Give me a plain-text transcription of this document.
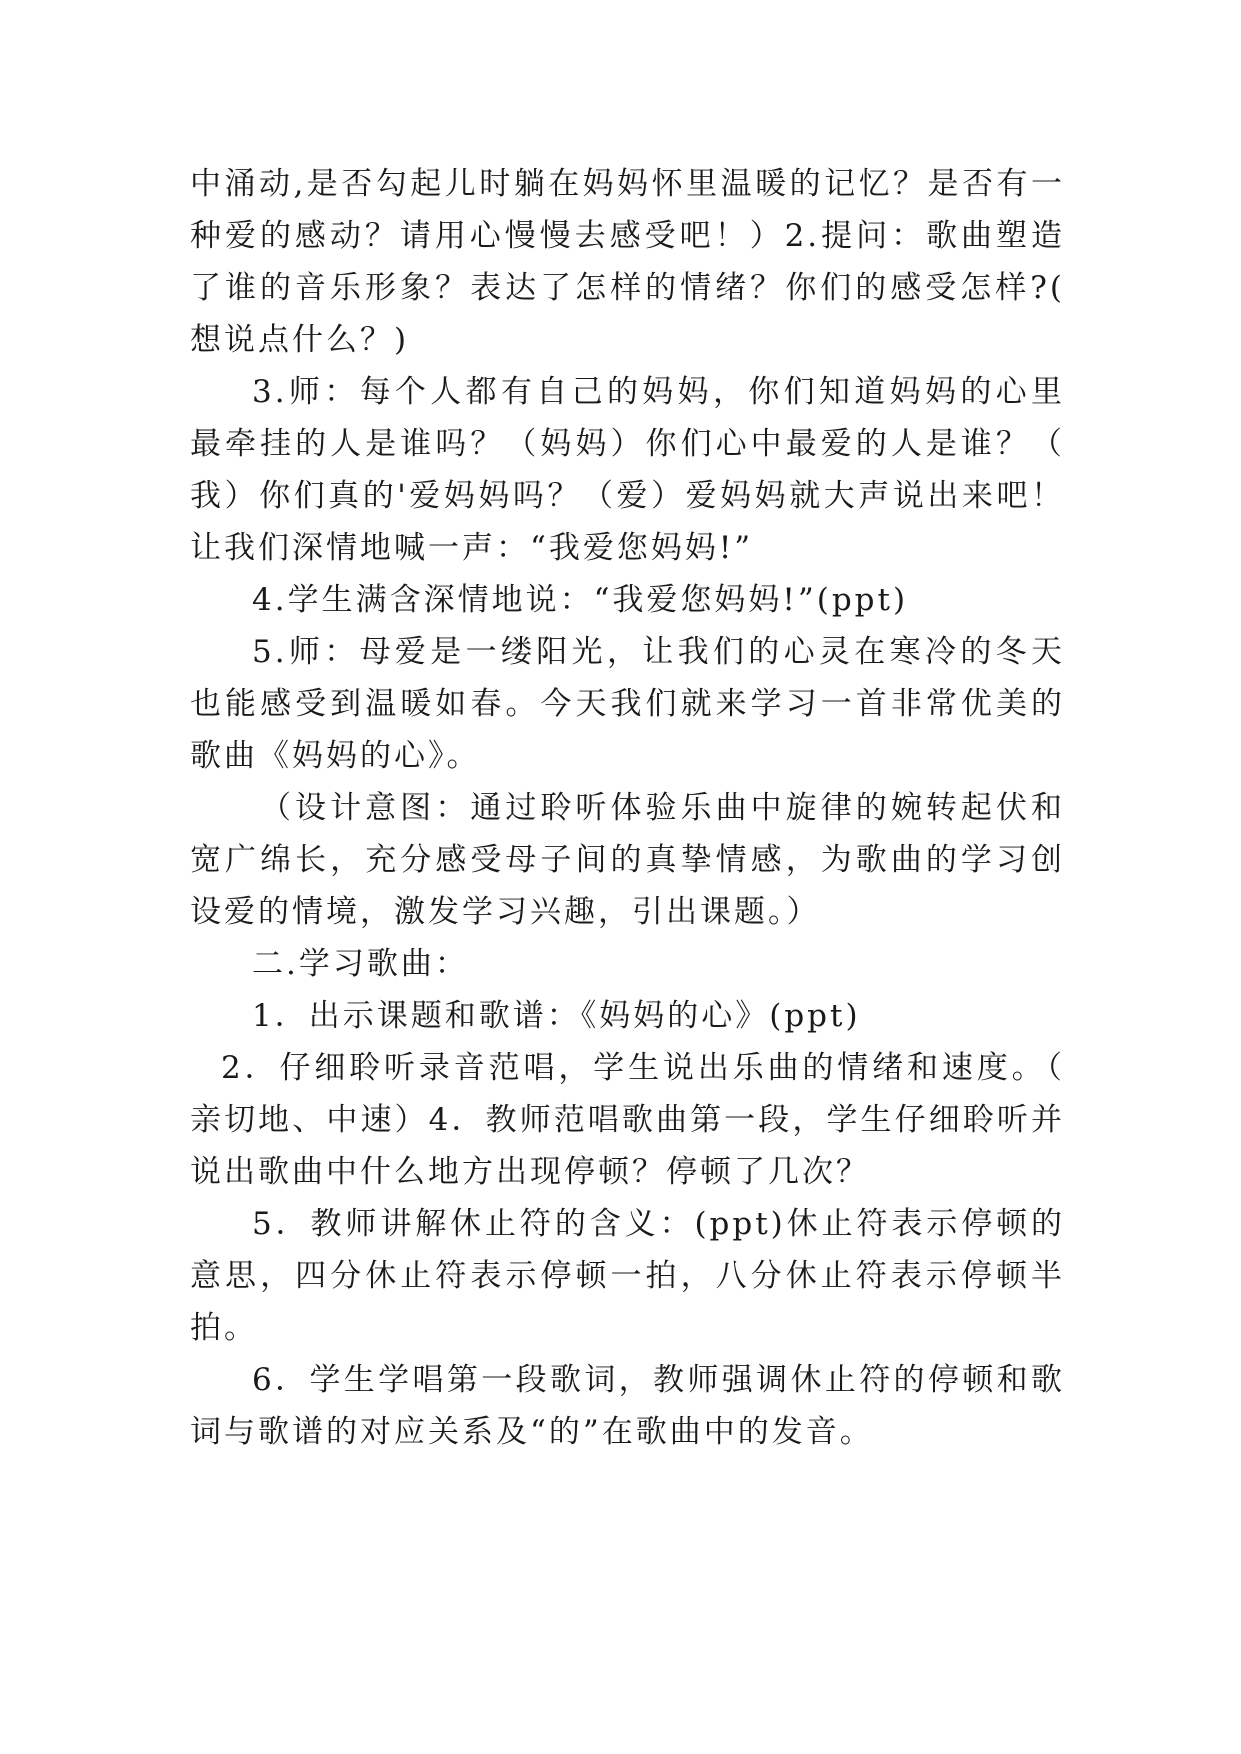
中涌动,是否勾起儿时躺在妈妈怀里温暖的记忆？是否有一种爱的感动？请用心慢慢去感受吧！）2.提问：歌曲塑造了谁的音乐形象？表达了怎样的情绪？你们的感受怎样?(想说点什么？)

3.师：每个人都有自己的妈妈，你们知道妈妈的心里最牵挂的人是谁吗？（妈妈）你们心中最爱的人是谁？（我）你们真的'爱妈妈吗？（爱）爱妈妈就大声说出来吧！让我们深情地喊一声：“我爱您妈妈!”

4.学生满含深情地说：“我爱您妈妈!”(ppt)

5.师：母爱是一缕阳光，让我们的心灵在寒冷的冬天也能感受到温暖如春。今天我们就来学习一首非常优美的歌曲《妈妈的心》。

（设计意图：通过聆听体验乐曲中旋律的婉转起伏和宽广绵长，充分感受母子间的真挚情感，为歌曲的学习创设爱的情境，激发学习兴趣，引出课题。）

二.学习歌曲：

1．出示课题和歌谱：《妈妈的心》(ppt)

2．仔细聆听录音范唱，学生说出乐曲的情绪和速度。（亲切地、中速）4．教师范唱歌曲第一段，学生仔细聆听并说出歌曲中什么地方出现停顿？停顿了几次？

5．教师讲解休止符的含义：(ppt)休止符表示停顿的意思，四分休止符表示停顿一拍，八分休止符表示停顿半拍。

6．学生学唱第一段歌词，教师强调休止符的停顿和歌词与歌谱的对应关系及“的”在歌曲中的发音。
